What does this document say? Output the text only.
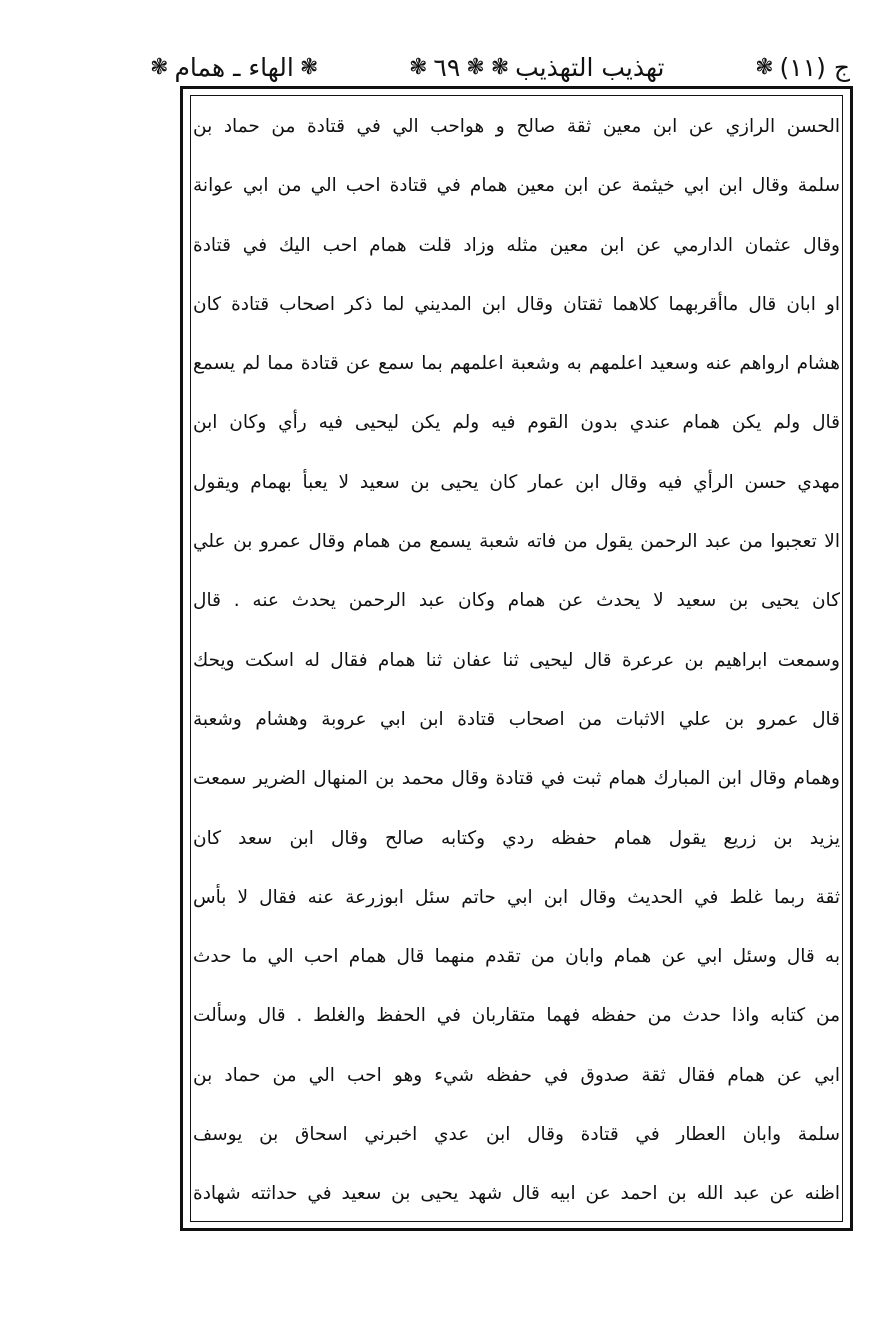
ج (١١)
❃
تهذيب التهذيب
❃
❃
٦٩
❃
❃
الهاء ـ همام
❃
الحسن الرازي عن ابن معين ثقة صالح و هواحب الي في قتادة من حماد بن
سلمة وقال ابن ابي خيثمة عن ابن معين همام في قتادة احب الي من ابي عوانة
وقال عثمان الدارمي عن ابن معين مثله وزاد قلت همام احب اليك في قتادة
او ابان قال ماأقربهما كلاهما ثقتان وقال ابن المديني لما ذكر اصحاب قتادة كان
هشام ارواهم عنه وسعيد اعلمهم به وشعبة اعلمهم بما سمع عن قتادة مما لم يسمع
قال ولم يكن همام عندي بدون القوم فيه ولم يكن ليحيى فيه رأي وكان ابن
مهدي حسن الرأي فيه وقال ابن عمار كان يحيى بن سعيد لا يعبأ بهمام ويقول
الا تعجبوا من عبد الرحمن يقول من فاته شعبة يسمع من همام وقال عمرو بن علي
كان يحيى بن سعيد لا يحدث عن همام وكان عبد الرحمن يحدث عنه . قال
وسمعت ابراهيم بن عرعرة قال ليحيى ثنا عفان ثنا همام فقال له اسكت ويحك
قال عمرو بن علي الاثبات من اصحاب قتادة ابن ابي عروبة وهشام وشعبة
وهمام وقال ابن المبارك همام ثبت في قتادة وقال محمد بن المنهال الضرير سمعت
يزيد بن زريع يقول همام حفظه ردي وكتابه صالح وقال ابن سعد كان
ثقة ربما غلط في الحديث وقال ابن ابي حاتم سئل ابوزرعة عنه فقال لا بأس
به قال وسئل ابي عن همام وابان من تقدم منهما قال همام احب الي ما حدث
من كتابه واذا حدث من حفظه فهما متقاربان في الحفظ والغلط . قال وسألت
ابي عن همام فقال ثقة صدوق في حفظه شيء وهو احب الي من حماد بن
سلمة وابان العطار في قتادة وقال ابن عدي اخبرني اسحاق بن يوسف
اظنه عن عبد الله بن احمد عن ابيه قال شهد يحيى بن سعيد في حداثته شهادة
